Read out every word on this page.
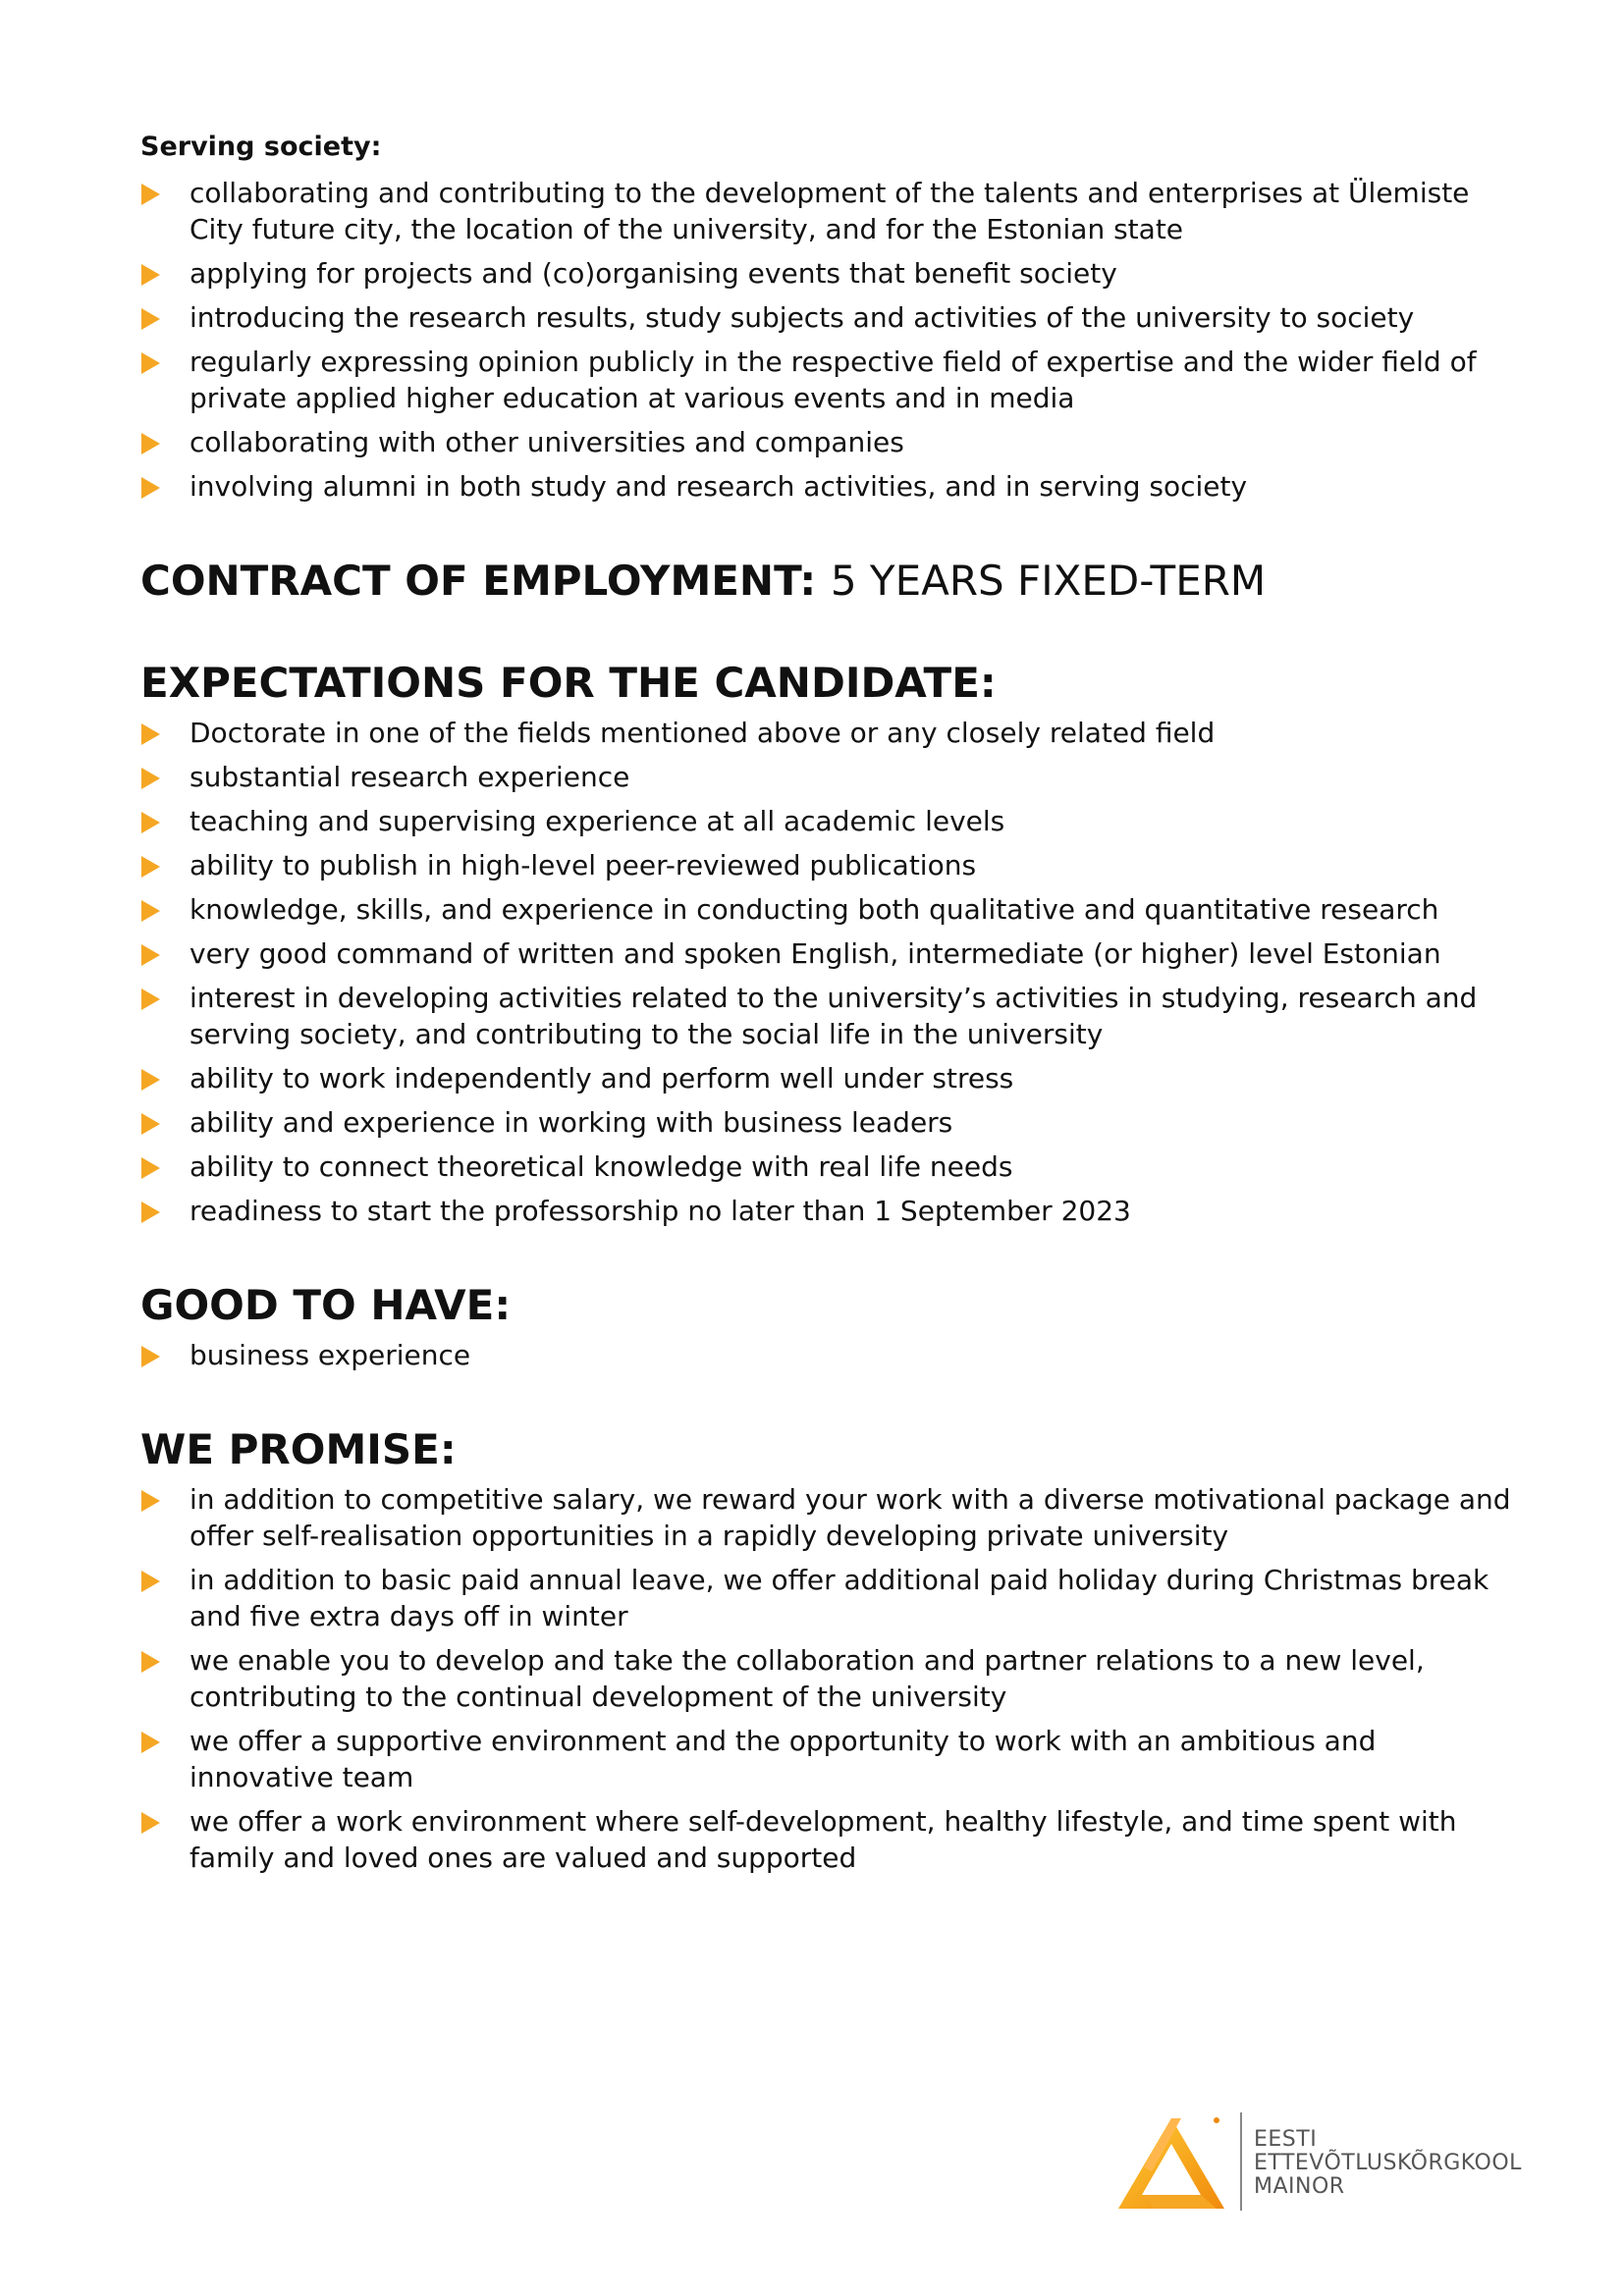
Serving society:
collaborating and contributing to the development of the talents and enterprises at Ülemiste City future city, the location of the university, and for the Estonian state
applying for projects and (co)organising events that benefit society
introducing the research results, study subjects and activities of the university to society
regularly expressing opinion publicly in the respective field of expertise and the wider field of private applied higher education at various events and in media
collaborating with other universities and companies
involving alumni in both study and research activities, and in serving society
CONTRACT OF EMPLOYMENT: 5 YEARS FIXED-TERM
EXPECTATIONS FOR THE CANDIDATE:
Doctorate in one of the fields mentioned above or any closely related field
substantial research experience
teaching and supervising experience at all academic levels
ability to publish in high-level peer-reviewed publications
knowledge, skills, and experience in conducting both qualitative and quantitative research
very good command of written and spoken English, intermediate (or higher) level Estonian
interest in developing activities related to the university’s activities in studying, research and serving society, and contributing to the social life in the university
ability to work independently and perform well under stress
ability and experience in working with business leaders
ability to connect theoretical knowledge with real life needs
readiness to start the professorship no later than 1 September 2023
GOOD TO HAVE:
business experience
WE PROMISE:
in addition to competitive salary, we reward your work with a diverse motivational package and offer self-realisation opportunities in a rapidly developing private university
in addition to basic paid annual leave, we offer additional paid holiday during Christmas break and five extra days off in winter
we enable you to develop and take the collaboration and partner relations to a new level, contributing to the continual development of the university
we offer a supportive environment and the opportunity to work with an ambitious and innovative team
we offer a work environment where self-development, healthy lifestyle, and time spent with family and loved ones are valued and supported
EESTI
ETTEVÕTLUSKÕRGKOOL
MAINOR
